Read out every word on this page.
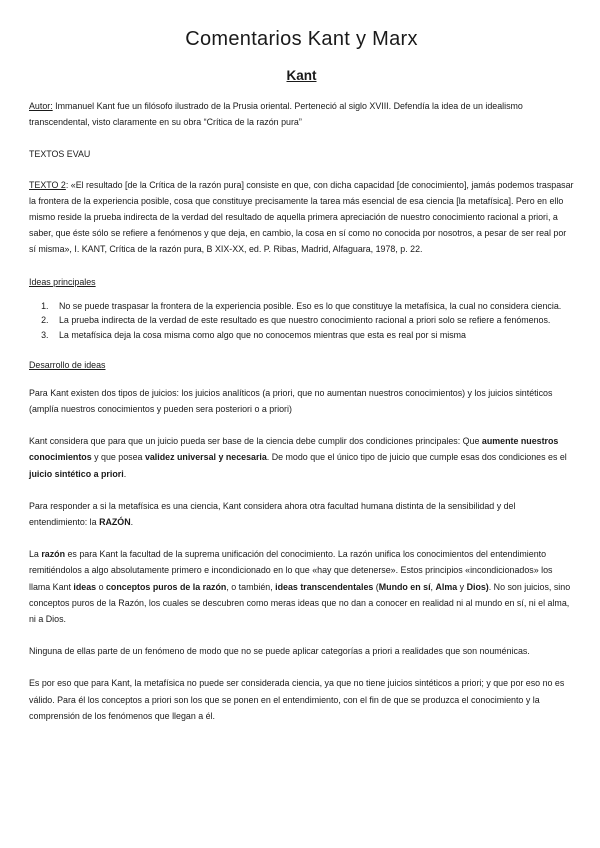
Comentarios Kant y Marx
Kant

Autor: Immanuel Kant fue un filósofo ilustrado de la Prusia oriental. Perteneció al siglo XVIII. Defendía la idea de un idealismo transcendental, visto claramente en su obra “Crítica de la razón pura”

TEXTOS EVAU

TEXTO 2: «El resultado [de la Crítica de la razón pura] consiste en que, con dicha capacidad [de conocimiento], jamás podemos traspasar la frontera de la experiencia posible, cosa que constituye precisamente la tarea más esencial de esa ciencia [la metafísica]. Pero en ello mismo reside la prueba indirecta de la verdad del resultado de aquella primera apreciación de nuestro conocimiento racional a priori, a saber, que éste sólo se refiere a fenómenos y que deja, en cambio, la cosa en sí como no conocida por nosotros, a pesar de ser real por sí misma», I. KANT, Crítica de la razón pura, B XIX-XX, ed. P. Ribas, Madrid, Alfaguara, 1978, p. 22.

Ideas principales

1. No se puede traspasar la frontera de la experiencia posible. Eso es lo que constituye la metafísica, la cual no considera ciencia.
2. La prueba indirecta de la verdad de este resultado es que nuestro conocimiento racional a priori solo se refiere a fenómenos.
3. La metafísica deja la cosa misma como algo que no conocemos mientras que esta es real por si misma

Desarrollo de ideas

Para Kant existen dos tipos de juicios: los juicios analíticos (a priori, que no aumentan nuestros conocimientos) y los juicios sintéticos (amplía nuestros conocimientos y pueden sera posteriori o a priori)

Kant considera que para que un juicio pueda ser base de la ciencia debe cumplir dos condiciones principales: Que aumente nuestros conocimientos y que posea validez universal y necesaria. De modo que el único tipo de juicio que cumple esas dos condiciones es el juicio sintético a priori.

Para responder a si la metafísica es una ciencia, Kant considera ahora otra facultad humana distinta de la sensibilidad y del entendimiento: la RAZÓN.

La razón es para Kant la facultad de la suprema unificación del conocimiento. La razón unifica los conocimientos del entendimiento remitiéndolos a algo absolutamente primero e incondicionado en lo que «hay que detenerse». Estos principios «incondicionados» los llama Kant ideas o conceptos puros de la razón, o también, ideas transcendentales (Mundo en sí, Alma y Dios). No son juicios, sino conceptos puros de la Razón, los cuales se descubren como meras ideas que no dan a conocer en realidad ni al mundo en sí, ni el alma, ni a Dios.

Ninguna de ellas parte de un fenómeno de modo que no se puede aplicar categorías a priori a realidades que son nouménicas.

Es por eso que para Kant, la metafísica no puede ser considerada ciencia, ya que no tiene juicios sintéticos a priori; y que por eso no es válido. Para él los conceptos a priori son los que se ponen en el entendimiento, con el fin de que se produzca el conocimiento y la comprensión de los fenómenos que llegan a él.
